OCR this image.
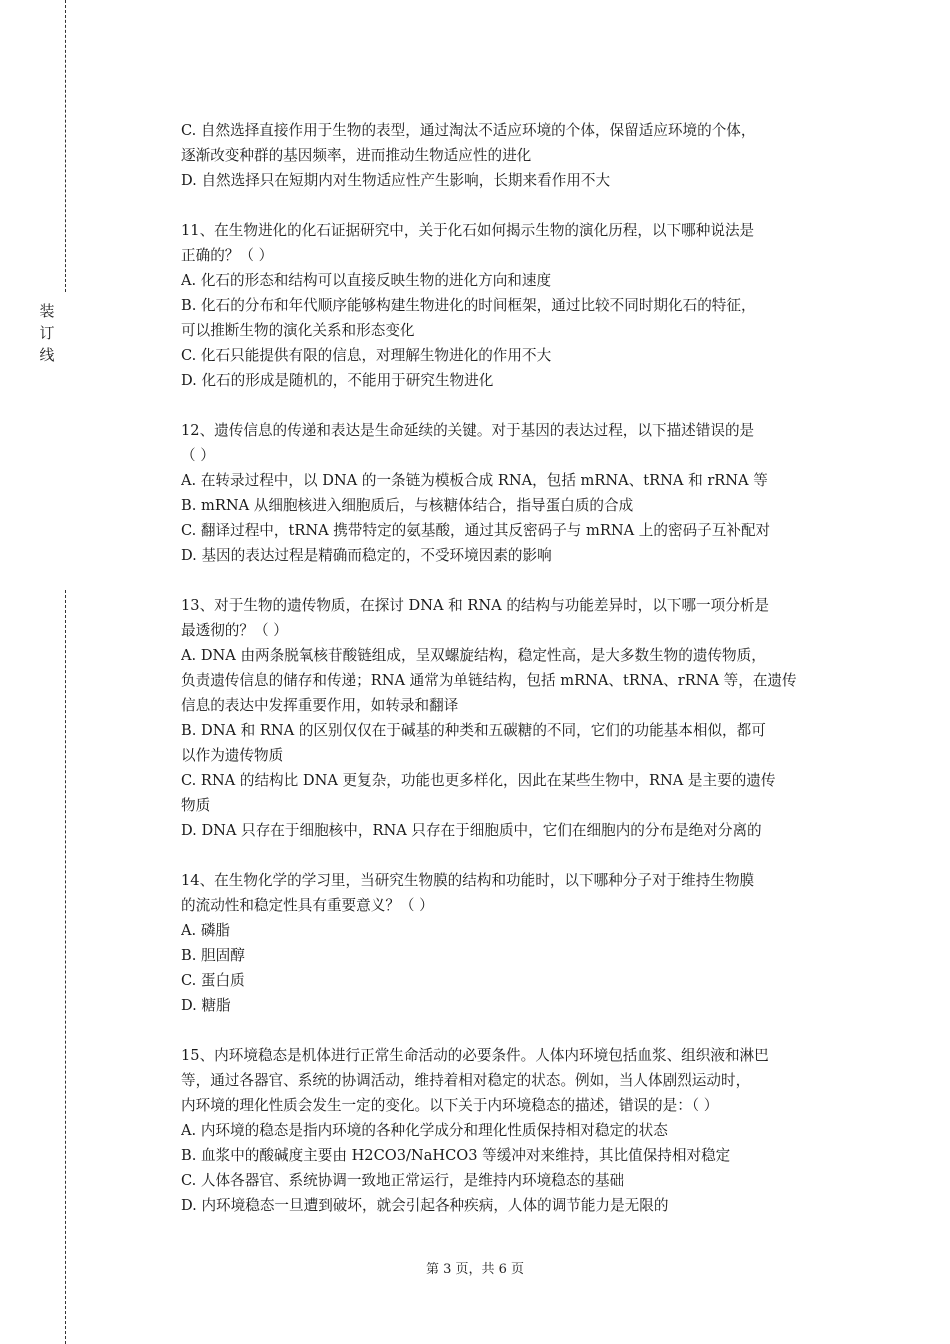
装
订
线
C. 自然选择直接作用于生物的表型，通过淘汰不适应环境的个体，保留适应环境的个体，
逐渐改变种群的基因频率，进而推动生物适应性的进化
D. 自然选择只在短期内对生物适应性产生影响，长期来看作用不大
11、在生物进化的化石证据研究中，关于化石如何揭示生物的演化历程，以下哪种说法是
正确的？（ ）
A. 化石的形态和结构可以直接反映生物的进化方向和速度
B. 化石的分布和年代顺序能够构建生物进化的时间框架，通过比较不同时期化石的特征，
可以推断生物的演化关系和形态变化
C. 化石只能提供有限的信息，对理解生物进化的作用不大
D. 化石的形成是随机的，不能用于研究生物进化
12、遗传信息的传递和表达是生命延续的关键。对于基因的表达过程，以下描述错误的是
（ ）
A. 在转录过程中，以 DNA 的一条链为模板合成 RNA，包括 mRNA、tRNA 和 rRNA 等
B. mRNA 从细胞核进入细胞质后，与核糖体结合，指导蛋白质的合成
C. 翻译过程中，tRNA 携带特定的氨基酸，通过其反密码子与 mRNA 上的密码子互补配对
D. 基因的表达过程是精确而稳定的，不受环境因素的影响
13、对于生物的遗传物质，在探讨 DNA 和 RNA 的结构与功能差异时，以下哪一项分析是
最透彻的？（ ）
A. DNA 由两条脱氧核苷酸链组成，呈双螺旋结构，稳定性高，是大多数生物的遗传物质，
负责遗传信息的储存和传递；RNA 通常为单链结构，包括 mRNA、tRNA、rRNA 等，在遗传
信息的表达中发挥重要作用，如转录和翻译
B. DNA 和 RNA 的区别仅仅在于碱基的种类和五碳糖的不同，它们的功能基本相似，都可
以作为遗传物质
C. RNA 的结构比 DNA 更复杂，功能也更多样化，因此在某些生物中，RNA 是主要的遗传
物质
D. DNA 只存在于细胞核中，RNA 只存在于细胞质中，它们在细胞内的分布是绝对分离的
14、在生物化学的学习里，当研究生物膜的结构和功能时，以下哪种分子对于维持生物膜
的流动性和稳定性具有重要意义？（ ）
A. 磷脂
B. 胆固醇
C. 蛋白质
D. 糖脂
15、内环境稳态是机体进行正常生命活动的必要条件。人体内环境包括血浆、组织液和淋巴
等，通过各器官、系统的协调活动，维持着相对稳定的状态。例如，当人体剧烈运动时，
内环境的理化性质会发生一定的变化。以下关于内环境稳态的描述，错误的是：（ ）
A. 内环境的稳态是指内环境的各种化学成分和理化性质保持相对稳定的状态
B. 血浆中的酸碱度主要由 H2CO3/NaHCO3 等缓冲对来维持，其比值保持相对稳定
C. 人体各器官、系统协调一致地正常运行，是维持内环境稳态的基础
D. 内环境稳态一旦遭到破坏，就会引起各种疾病，人体的调节能力是无限的
第 3 页，共 6 页
